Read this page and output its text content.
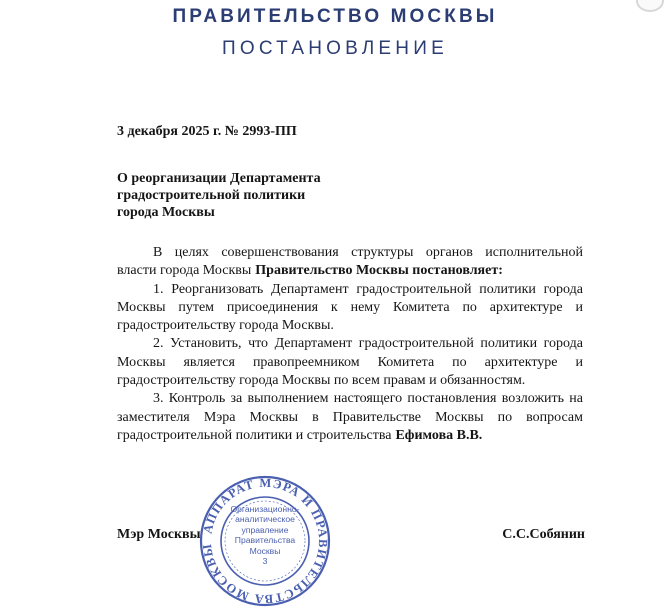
ПРАВИТЕЛЬСТВО МОСКВЫ
ПОСТАНОВЛЕНИЕ
3 декабря 2025 г. № 2993-ПП
О реорганизации Департамента
градостроительной политики
города Москвы
В целях совершенствования структуры органов исполнительной
власти города Москвы Правительство Москвы постановляет:
1. Реорганизовать Департамент градостроительной политики города
Москвы путем присоединения к нему Комитета по архитектуре и
градостроительству города Москвы.
2. Установить, что Департамент градостроительной политики города
Москвы является правопреемником Комитета по архитектуре и
градостроительству города Москвы по всем правам и обязанностям.
3. Контроль за выполнением настоящего постановления возложить на
заместителя Мэра Москвы в Правительстве Москвы по вопросам
градостроительной политики и строительства Ефимова В.В.
Мэр Москвы	С.С.Собянин
АППАРАТ МЭРА И ПРАВИТЕЛЬСТВА МОСКВЫ
Организационно-
аналитическое
управление
Правительства
Москвы
3
